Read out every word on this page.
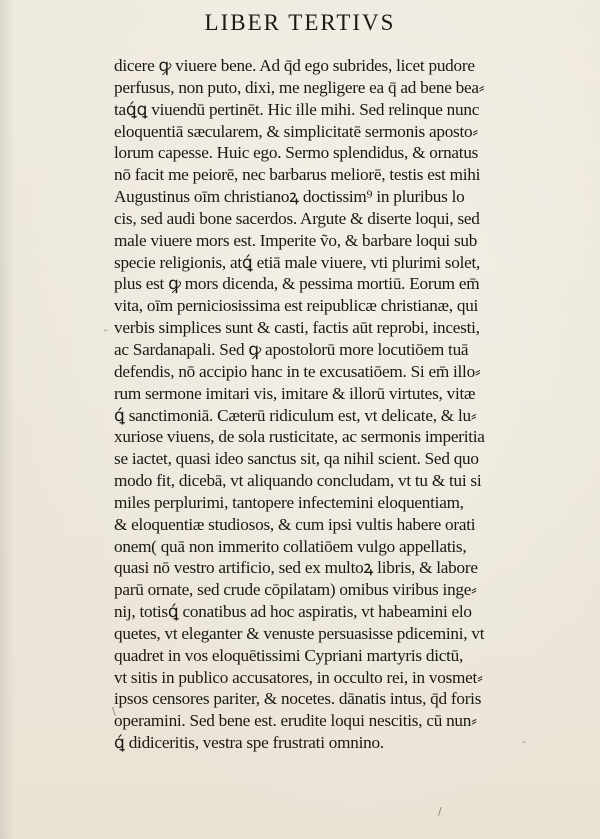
LIBER TERTIVS
dicere ꝙ viuere bene. Ad q̄d ego subrides, licet pudore
perfusus, non puto, dixi, me negligere ea q̄ ad bene bea⸗
taꝗ́ꝗ viuendū pertinēt. Hic ille mihi. Sed relinque nunc
eloquentiā sæcularem, & simplicitatē sermonis aposto⸗
lorum capesse. Huic ego. Sermo splendidus, & ornatus
nō facit me peiorē, nec barbarus meliorē, testis est mihi
Augustinus oīm christianoꝝ doctissim⁹ in pluribus lo
cis, sed audi bone sacerdos. Argute & diserte loqui, sed
male viuere mors est. Imperite ṽo, & barbare loqui sub
specie religionis, atꝗ́ etiā male viuere, vti plurimi solet,
plus est ꝙ mors dicenda, & pessima mortiū. Eorum em̄
vita, oīm perniciosissima est reipublicæ christianæ, qui
verbis simplices sunt & casti, factis aūt reprobi, incesti,
ac Sardanapali. Sed ꝙ apostolorū more locutiōem tuā
defendis, nō accipio hanc in te excusatiōem. Si em̄ illo⸗
rum sermone imitari vis, imitare & illorū virtutes, vitæ
ꝗ́ sanctimoniā. Cæterū ridiculum est, vt delicate, & lu⸗
xuriose viuens, de sola rusticitate, ac sermonis imperitia
se iactet, quasi ideo sanctus sit, qa nihil scient. Sed quo
modo fit, dicebā, vt aliquando concludam, vt tu & tui si
miles perplurimi, tantopere infectemini eloquentiam,
& eloquentiæ studiosos, & cum ipsi vultis habere orati
onem( quā non immerito collatiōem vulgo appellatis,
quasi nō vestro artificio, sed ex multoꝝ libris, & labore
parū ornate, sed crude cōpilatam) omibus viribus inge⸗
niȷ, totisꝗ́ conatibus ad hoc aspiratis, vt habeamini elo
quetes, vt eleganter & venuste persuasisse pdicemini, vt
quadret in vos eloquētissimi Cypriani martyris dictū,
vt sitis in publico accusatores, in occulto rei, in vosmet⸗
ipsos censores pariter, & nocetes. dānatis intus, q̄d foris
operamini. Sed bene est. erudite loqui nescitis, cū nun⸗
ꝗ́ didiceritis, vestra spe frustrati omnino.
˘
\
-
/
